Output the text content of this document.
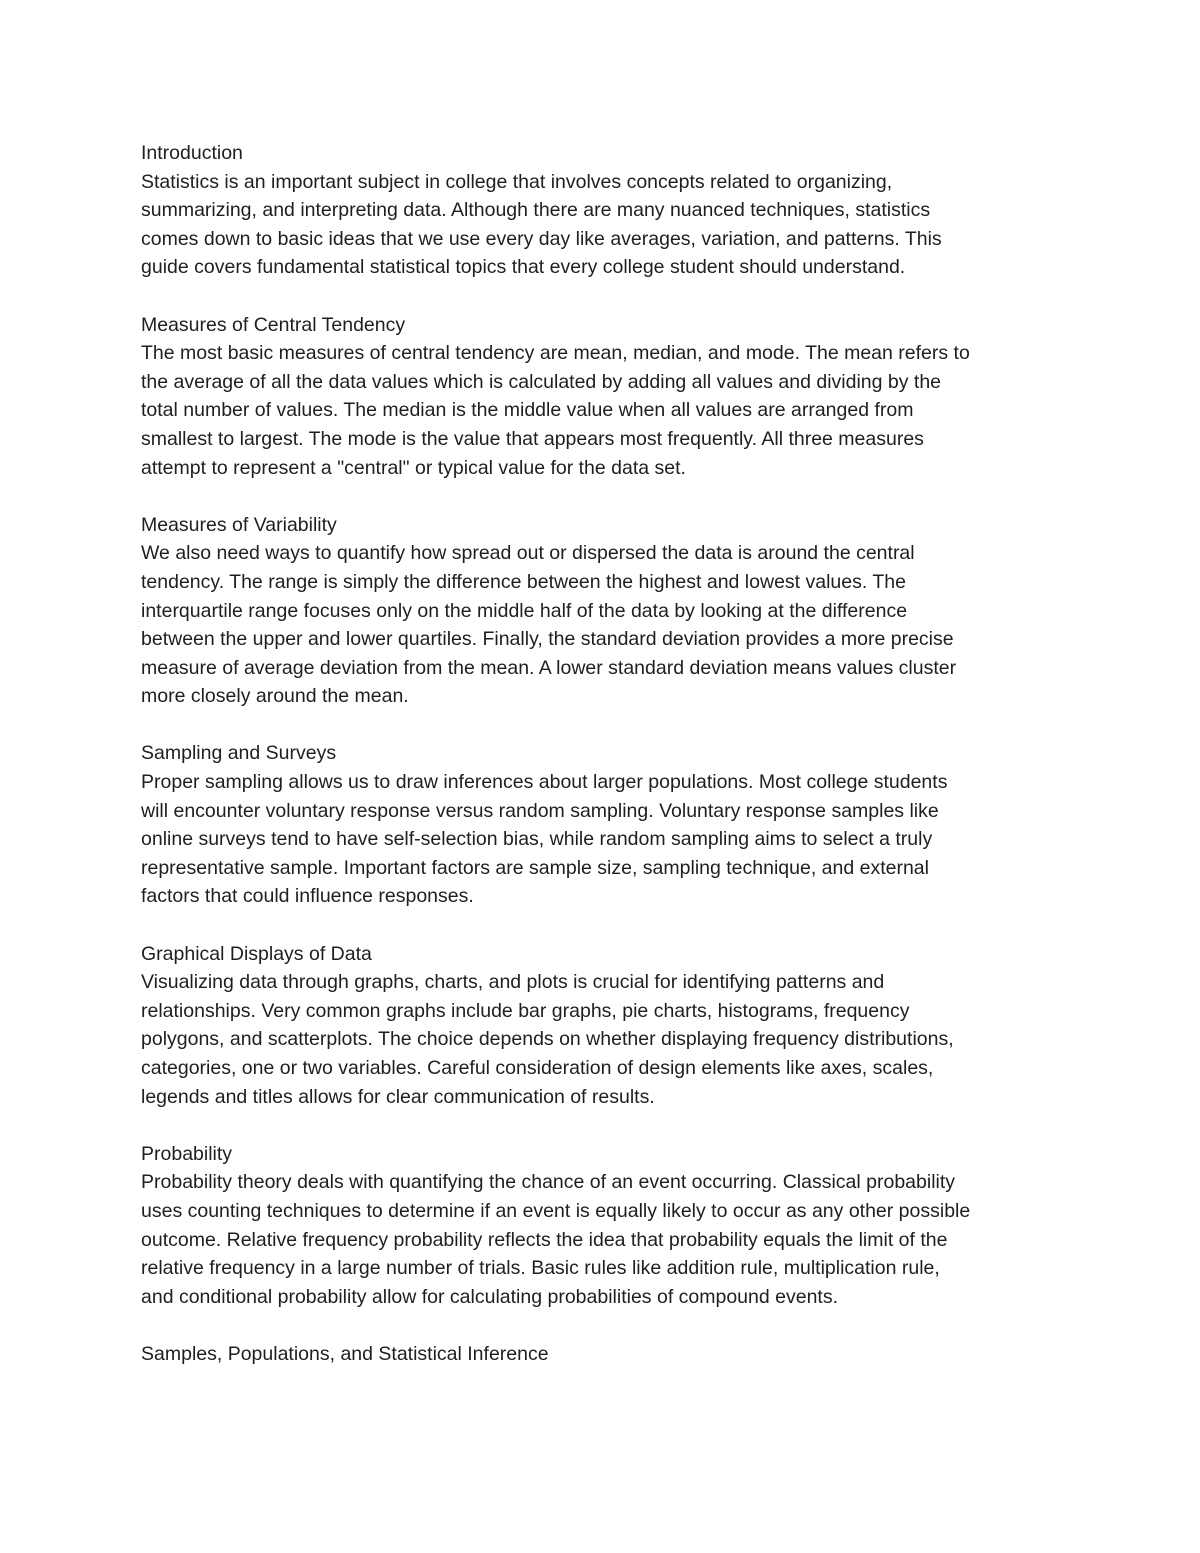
Introduction
Statistics is an important subject in college that involves concepts related to organizing,
summarizing, and interpreting data. Although there are many nuanced techniques, statistics
comes down to basic ideas that we use every day like averages, variation, and patterns. This
guide covers fundamental statistical topics that every college student should understand.
Measures of Central Tendency
The most basic measures of central tendency are mean, median, and mode. The mean refers to
the average of all the data values which is calculated by adding all values and dividing by the
total number of values. The median is the middle value when all values are arranged from
smallest to largest. The mode is the value that appears most frequently. All three measures
attempt to represent a "central" or typical value for the data set.
Measures of Variability
We also need ways to quantify how spread out or dispersed the data is around the central
tendency. The range is simply the difference between the highest and lowest values. The
interquartile range focuses only on the middle half of the data by looking at the difference
between the upper and lower quartiles. Finally, the standard deviation provides a more precise
measure of average deviation from the mean. A lower standard deviation means values cluster
more closely around the mean.
Sampling and Surveys
Proper sampling allows us to draw inferences about larger populations. Most college students
will encounter voluntary response versus random sampling. Voluntary response samples like
online surveys tend to have self-selection bias, while random sampling aims to select a truly
representative sample. Important factors are sample size, sampling technique, and external
factors that could influence responses.
Graphical Displays of Data
Visualizing data through graphs, charts, and plots is crucial for identifying patterns and
relationships. Very common graphs include bar graphs, pie charts, histograms, frequency
polygons, and scatterplots. The choice depends on whether displaying frequency distributions,
categories, one or two variables. Careful consideration of design elements like axes, scales,
legends and titles allows for clear communication of results.
Probability
Probability theory deals with quantifying the chance of an event occurring. Classical probability
uses counting techniques to determine if an event is equally likely to occur as any other possible
outcome. Relative frequency probability reflects the idea that probability equals the limit of the
relative frequency in a large number of trials. Basic rules like addition rule, multiplication rule,
and conditional probability allow for calculating probabilities of compound events.
Samples, Populations, and Statistical Inference
